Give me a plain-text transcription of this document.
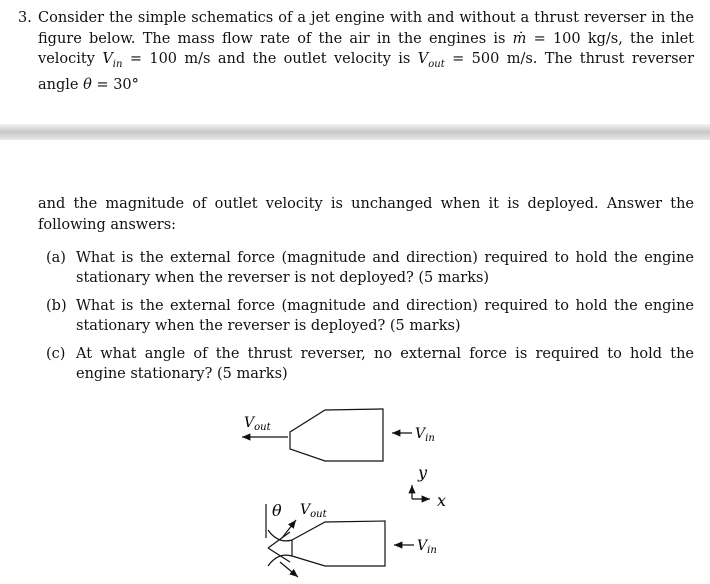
3. Consider the simple schematics of a jet engine with and without a thrust reverser in the figure below. The mass flow rate of the air in the engines is ṁ = 100 kg/s, the inlet velocity $V_{in} = 100$ m/s and the outlet velocity is $V_{out} = 500$ m/s. The thrust reverser angle θ = 30°

and the magnitude of outlet velocity is unchanged when it is deployed. Answer the following answers:

(a) What is the external force (magnitude and direction) required to hold the engine stationary when the reverser is not deployed? (5 marks)
(b) What is the external force (magnitude and direction) required to hold the engine stationary when the reverser is deployed? (5 marks)
(c) At what angle of the thrust reverser, no external force is required to hold the engine stationary? (5 marks)
$V_{out}$	$V_{in}$
y
x
θ $V_{out}$
$V_{in}$
